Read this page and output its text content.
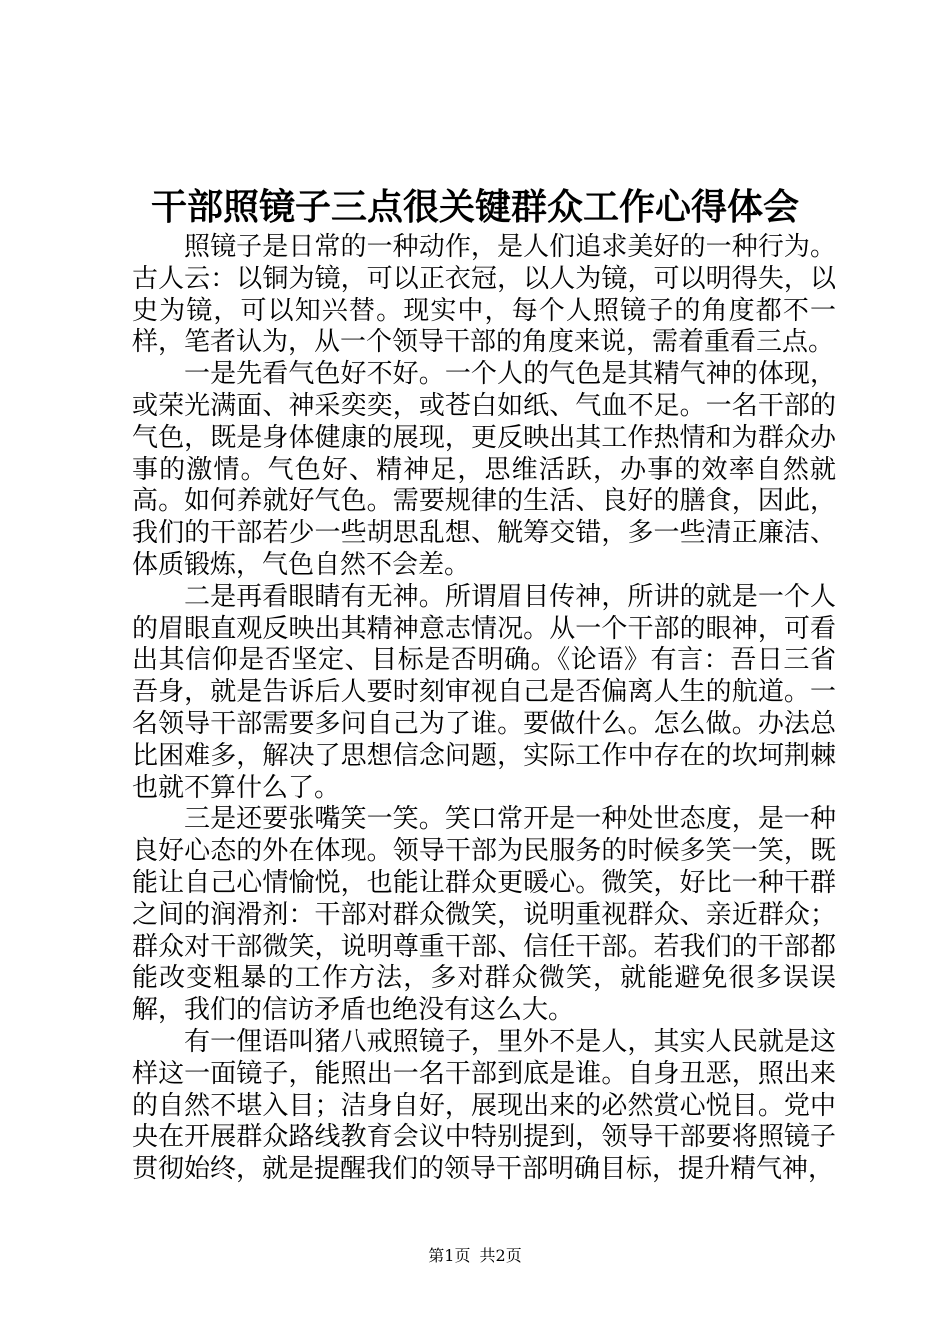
干部照镜子三点很关键群众工作心得体会

照镜子是日常的一种动作，是人们追求美好的一种行为。古人云：以铜为镜，可以正衣冠，以人为镜，可以明得失，以史为镜，可以知兴替。现实中，每个人照镜子的角度都不一样，笔者认为，从一个领导干部的角度来说，需着重看三点。

一是先看气色好不好。一个人的气色是其精气神的体现，或荣光满面、神采奕奕，或苍白如纸、气血不足。一名干部的气色，既是身体健康的展现，更反映出其工作热情和为群众办事的激情。气色好、精神足，思维活跃，办事的效率自然就高。如何养就好气色。需要规律的生活、良好的膳食，因此，我们的干部若少一些胡思乱想、觥筹交错，多一些清正廉洁、体质锻炼，气色自然不会差。

二是再看眼睛有无神。所谓眉目传神，所讲的就是一个人的眉眼直观反映出其精神意志情况。从一个干部的眼神，可看出其信仰是否坚定、目标是否明确。《论语》有言：吾日三省吾身，就是告诉后人要时刻审视自己是否偏离人生的航道。一名领导干部需要多问自己为了谁。要做什么。怎么做。办法总比困难多，解决了思想信念问题，实际工作中存在的坎坷荆棘也就不算什么了。

三是还要张嘴笑一笑。笑口常开是一种处世态度，是一种良好心态的外在体现。领导干部为民服务的时候多笑一笑，既能让自己心情愉悦，也能让群众更暖心。微笑，好比一种干群之间的润滑剂：干部对群众微笑，说明重视群众、亲近群众；群众对干部微笑，说明尊重干部、信任干部。若我们的干部都能改变粗暴的工作方法，多对群众微笑，就能避免很多误误解，我们的信访矛盾也绝没有这么大。

有一俚语叫猪八戒照镜子，里外不是人，其实人民就是这样这一面镜子，能照出一名干部到底是谁。自身丑恶，照出来的自然不堪入目；洁身自好，展现出来的必然赏心悦目。党中央在开展群众路线教育会议中特别提到，领导干部要将照镜子贯彻始终，就是提醒我们的领导干部明确目标，提升精气神，

第1页 共2页
